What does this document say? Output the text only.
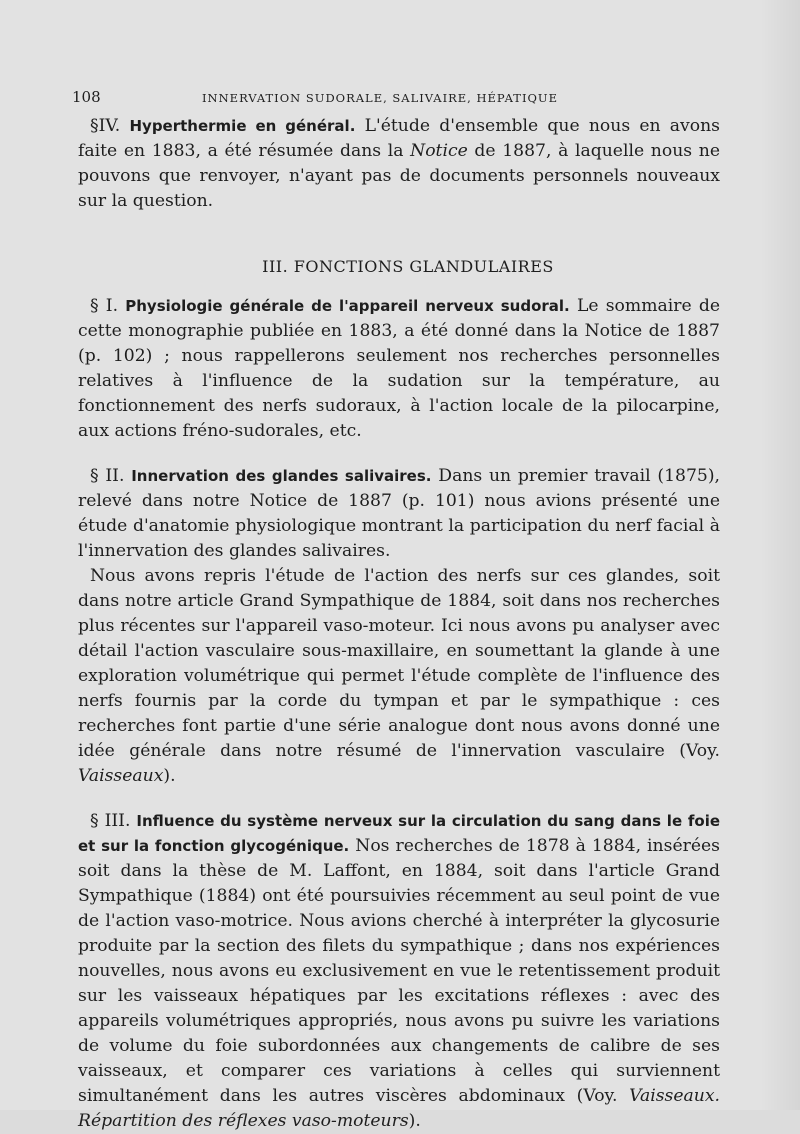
108	INNERVATION SUDORALE, SALIVAIRE, HÉPATIQUE

§IV. Hyperthermie en général. L'étude d'ensemble que nous en avons faite en 1883, a été résumée dans la Notice de 1887, à laquelle nous ne pouvons que renvoyer, n'ayant pas de documents personnels nouveaux sur la question.

III. FONCTIONS GLANDULAIRES

§ I. Physiologie générale de l'appareil nerveux sudoral. Le sommaire de cette monographie publiée en 1883, a été donné dans la Notice de 1887 (p. 102) ; nous rappellerons seulement nos recherches personnelles relatives à l'influence de la sudation sur la température, au fonctionnement des nerfs sudoraux, à l'action locale de la pilocarpine, aux actions fréno-sudorales, etc.

§ II. Innervation des glandes salivaires. Dans un premier travail (1875), relevé dans notre Notice de 1887 (p. 101) nous avions présenté une étude d'anatomie physiologique montrant la participation du nerf facial à l'innervation des glandes salivaires.

Nous avons repris l'étude de l'action des nerfs sur ces glandes, soit dans notre article Grand Sympathique de 1884, soit dans nos recherches plus récentes sur l'appareil vaso-moteur. Ici nous avons pu analyser avec détail l'action vasculaire sous-maxillaire, en soumettant la glande à une exploration volumétrique qui permet l'étude complète de l'influence des nerfs fournis par la corde du tympan et par le sympathique : ces recherches font partie d'une série analogue dont nous avons donné une idée générale dans notre résumé de l'innervation vasculaire (Voy. Vaisseaux).

§ III. Influence du système nerveux sur la circulation du sang dans le foie et sur la fonction glycogénique. Nos recherches de 1878 à 1884, insérées soit dans la thèse de M. Laffont, en 1884, soit dans l'article Grand Sympathique (1884) ont été poursuivies récemment au seul point de vue de l'action vaso-motrice. Nous avions cherché à interpréter la glycosurie produite par la section des filets du sympathique ; dans nos expériences nouvelles, nous avons eu exclusivement en vue le retentissement produit sur les vaisseaux hépatiques par les excitations réflexes : avec des appareils volumétriques appropriés, nous avons pu suivre les variations de volume du foie subordonnées aux changements de calibre de ses vaisseaux, et comparer ces variations à celles qui surviennent simultanément dans les autres viscères abdominaux (Voy. Vaisseaux. Répartition des réflexes vaso-moteurs).
